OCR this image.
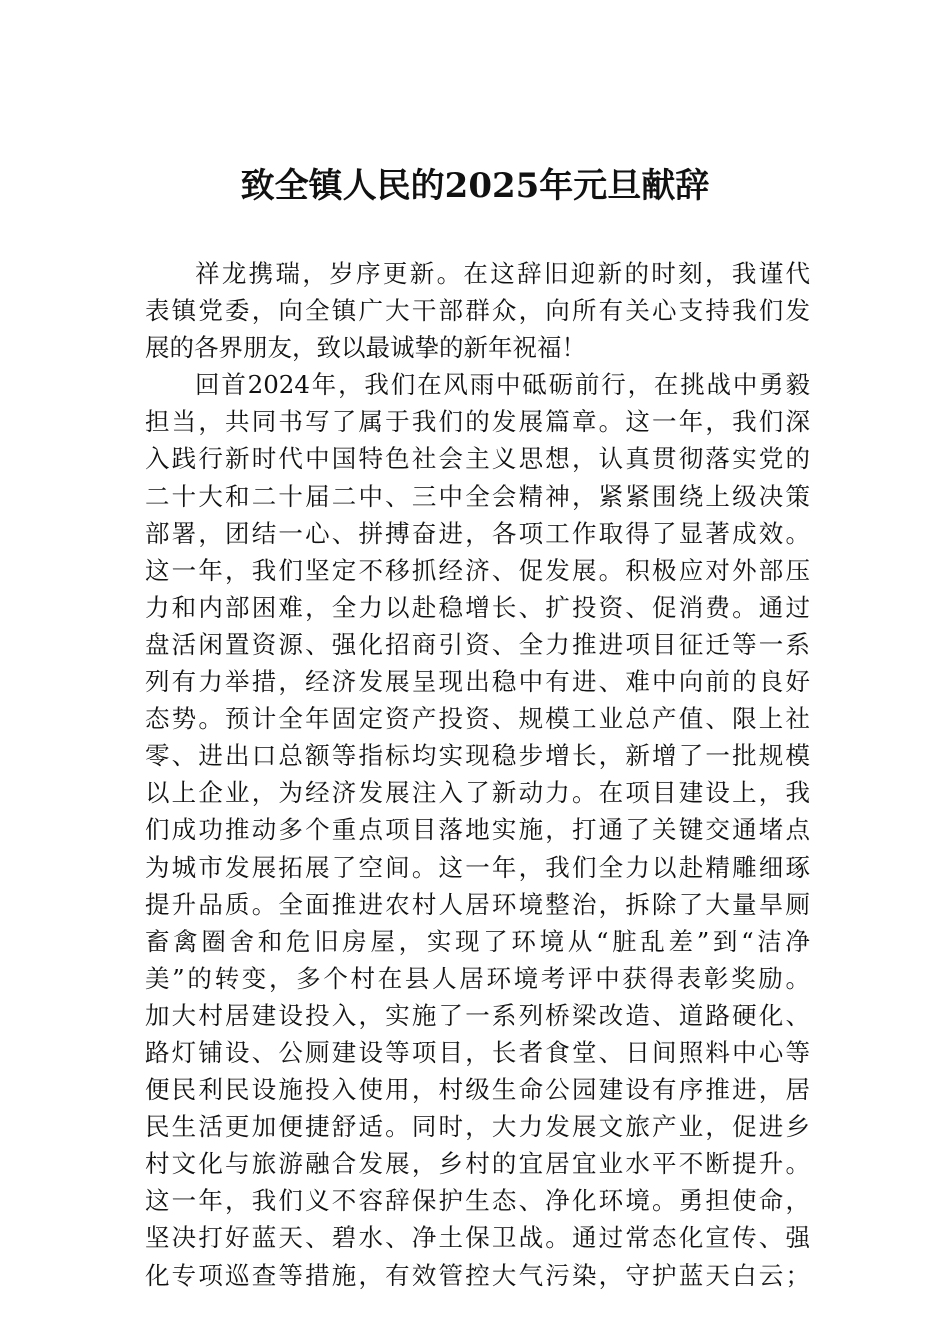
致全镇人民的2025年元旦献辞
祥龙携瑞，岁序更新。在这辞旧迎新的时刻，我谨代
表镇党委，向全镇广大干部群众，向所有关心支持我们发
展的各界朋友，致以最诚挚的新年祝福！
回首2024年，我们在风雨中砥砺前行，在挑战中勇毅
担当，共同书写了属于我们的发展篇章。这一年，我们深
入践行新时代中国特色社会主义思想，认真贯彻落实党的
二十大和二十届二中、三中全会精神，紧紧围绕上级决策
部署，团结一心、拼搏奋进，各项工作取得了显著成效。
这一年，我们坚定不移抓经济、促发展。积极应对外部压
力和内部困难，全力以赴稳增长、扩投资、促消费。通过
盘活闲置资源、强化招商引资、全力推进项目征迁等一系
列有力举措，经济发展呈现出稳中有进、难中向前的良好
态势。预计全年固定资产投资、规模工业总产值、限上社
零、进出口总额等指标均实现稳步增长，新增了一批规模
以上企业，为经济发展注入了新动力。在项目建设上，我
们成功推动多个重点项目落地实施，打通了关键交通堵点
为城市发展拓展了空间。这一年，我们全力以赴精雕细琢
提升品质。全面推进农村人居环境整治，拆除了大量旱厕
畜禽圈舍和危旧房屋，实现了环境从“脏乱差”到“洁净
美”的转变，多个村在县人居环境考评中获得表彰奖励。
加大村居建设投入，实施了一系列桥梁改造、道路硬化、
路灯铺设、公厕建设等项目，长者食堂、日间照料中心等
便民利民设施投入使用，村级生命公园建设有序推进，居
民生活更加便捷舒适。同时，大力发展文旅产业，促进乡
村文化与旅游融合发展，乡村的宜居宜业水平不断提升。
这一年，我们义不容辞保护生态、净化环境。勇担使命，
坚决打好蓝天、碧水、净土保卫战。通过常态化宣传、强
化专项巡查等措施，有效管控大气污染，守护蓝天白云；
